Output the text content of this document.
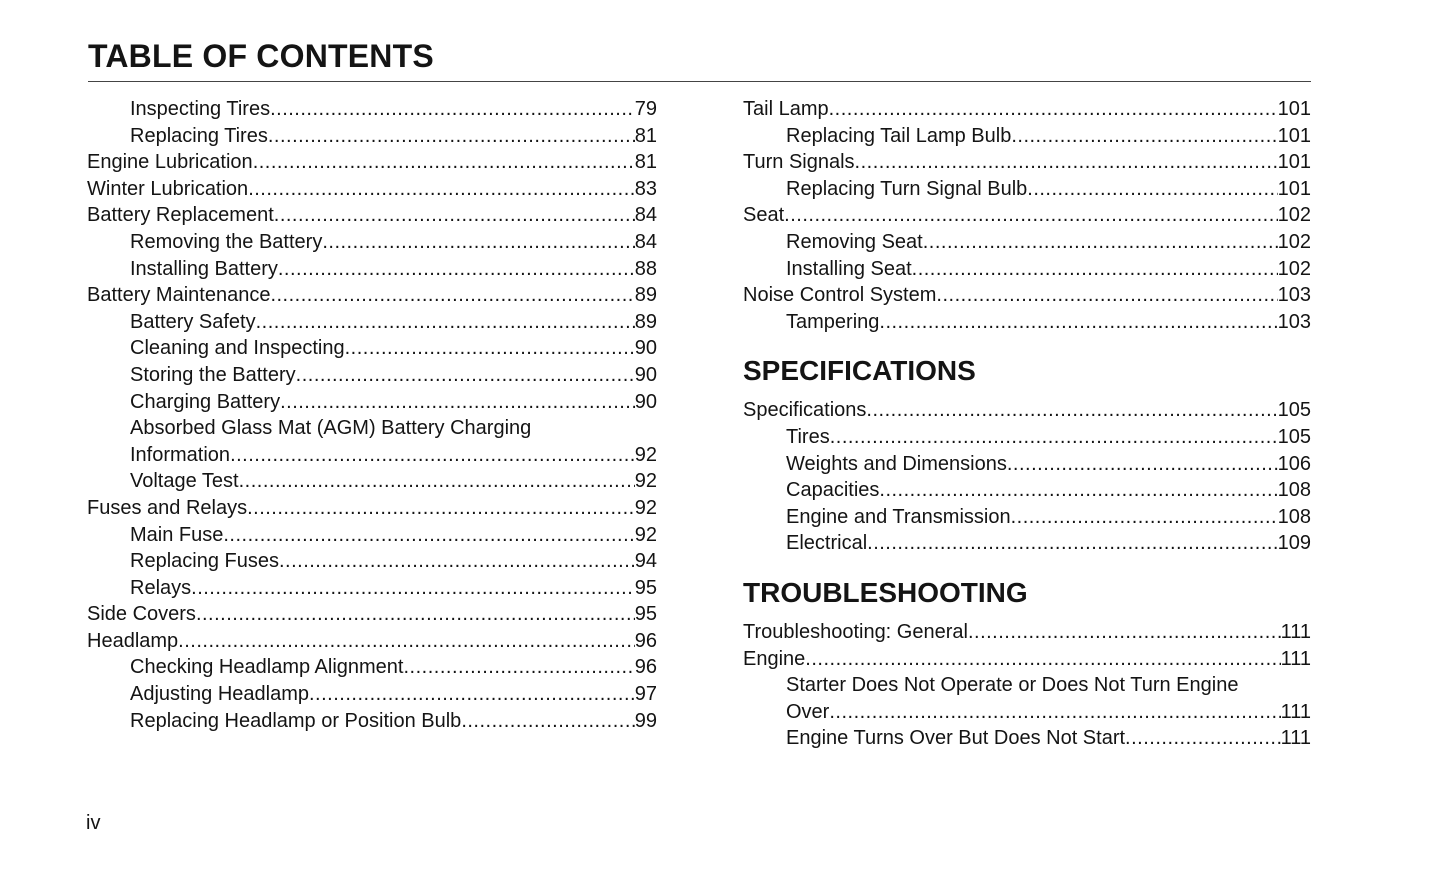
TABLE OF CONTENTS
Inspecting Tires .....	79
Replacing Tires .....	81
Engine Lubrication .....	81
Winter Lubrication .....	83
Battery Replacement .....	84
Removing the Battery .....	84
Installing Battery .....	88
Battery Maintenance .....	89
Battery Safety .....	89
Cleaning and Inspecting .....	90
Storing the Battery .....	90
Charging Battery .....	90
Absorbed Glass Mat (AGM) Battery Charging
Information .....	92
Voltage Test .....	92
Fuses and Relays .....	92
Main Fuse .....	92
Replacing Fuses .....	94
Relays .....	95
Side Covers .....	95
Headlamp .....	96
Checking Headlamp Alignment .....	96
Adjusting Headlamp .....	97
Replacing Headlamp or Position Bulb .....	99
Tail Lamp .....	101
Replacing Tail Lamp Bulb .....	101
Turn Signals .....	101
Replacing Turn Signal Bulb .....	101
Seat .....	102
Removing Seat .....	102
Installing Seat .....	102
Noise Control System .....	103
Tampering .....	103
SPECIFICATIONS
Specifications .....	105
Tires .....	105
Weights and Dimensions .....	106
Capacities .....	108
Engine and Transmission .....	108
Electrical .....	109
TROUBLESHOOTING
Troubleshooting: General .....	111
Engine .....	111
Starter Does Not Operate or Does Not Turn Engine
Over .....	111
Engine Turns Over But Does Not Start .....	111
iv
